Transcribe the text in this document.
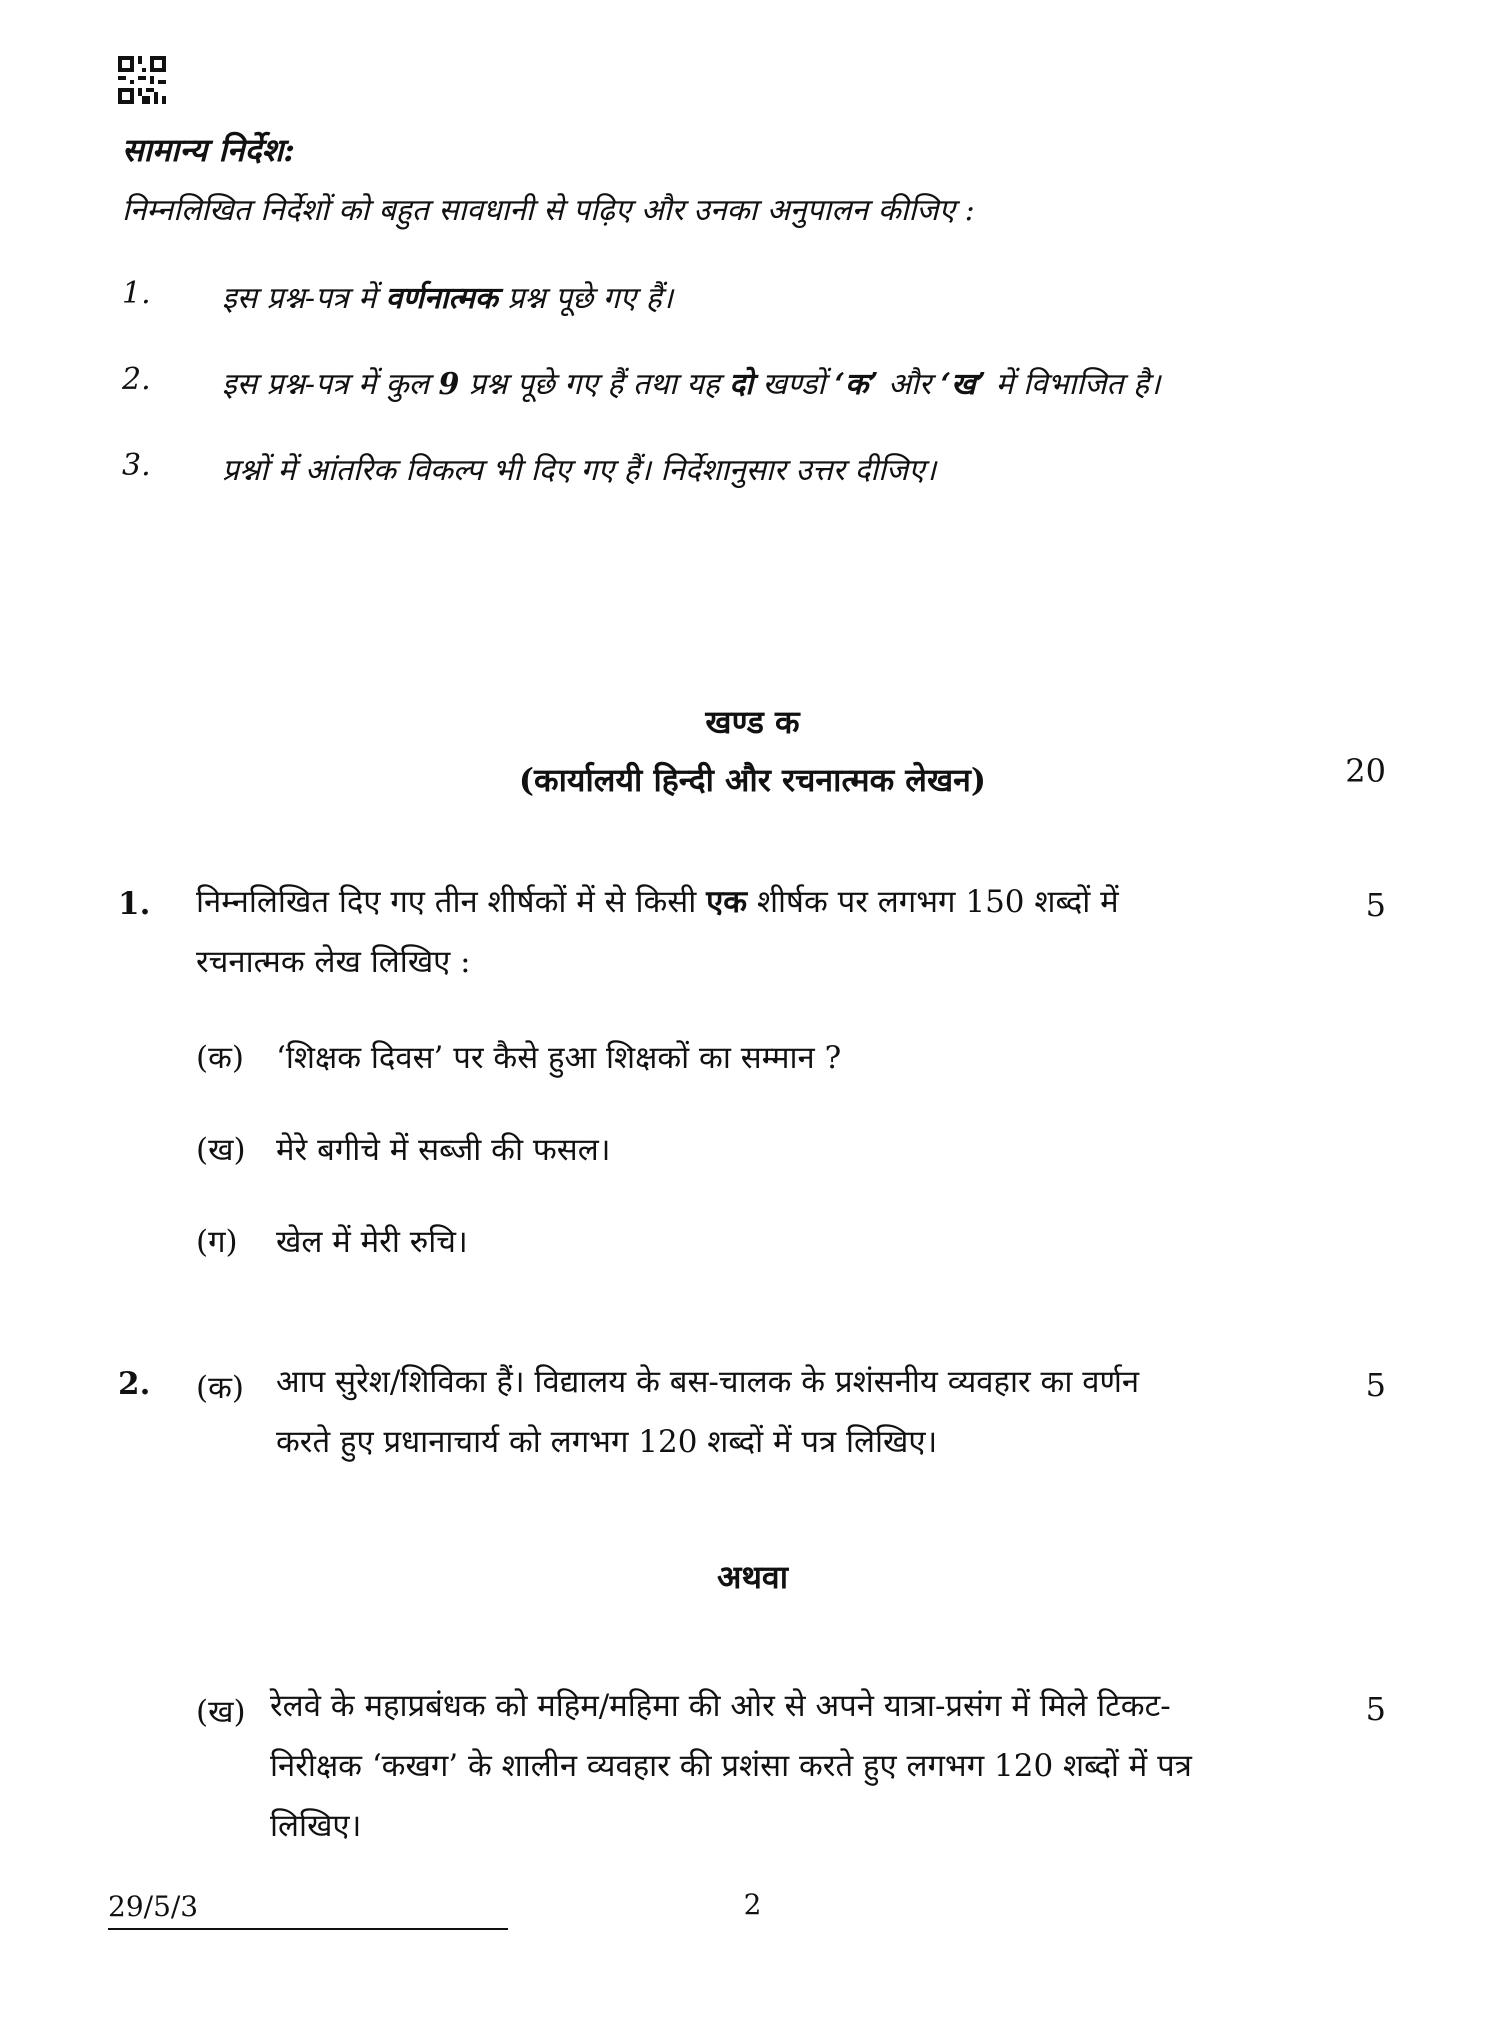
सामान्य निर्देश:
निम्नलिखित निर्देशों को बहुत सावधानी से पढ़िए और उनका अनुपालन कीजिए :
1. इस प्रश्न-पत्र में वर्णनात्मक प्रश्न पूछे गए हैं।
2. इस प्रश्न-पत्र में कुल 9 प्रश्न पूछे गए हैं तथा यह दो खण्डों ‘क’ और ‘ख’ में विभाजित है।
3. प्रश्नों में आंतरिक विकल्प भी दिए गए हैं। निर्देशानुसार उत्तर दीजिए।
खण्ड क
(कार्यालयी हिन्दी और रचनात्मक लेखन)	20
1. निम्नलिखित दिए गए तीन शीर्षकों में से किसी एक शीर्षक पर लगभग 150 शब्दों में
रचनात्मक लेख लिखिए :
5
(क) ‘शिक्षक दिवस’ पर कैसे हुआ शिक्षकों का सम्मान ?
(ख) मेरे बगीचे में सब्जी की फसल।
(ग) खेल में मेरी रुचि।
2. (क) आप सुरेश/शिविका हैं। विद्यालय के बस-चालक के प्रशंसनीय व्यवहार का वर्णन
करते हुए प्रधानाचार्य को लगभग 120 शब्दों में पत्र लिखिए।
5
अथवा
(ख) रेलवे के महाप्रबंधक को महिम/महिमा की ओर से अपने यात्रा-प्रसंग में मिले टिकट-
निरीक्षक ‘कखग’ के शालीन व्यवहार की प्रशंसा करते हुए लगभग 120 शब्दों में पत्र
लिखिए।
5
29/5/3	2
